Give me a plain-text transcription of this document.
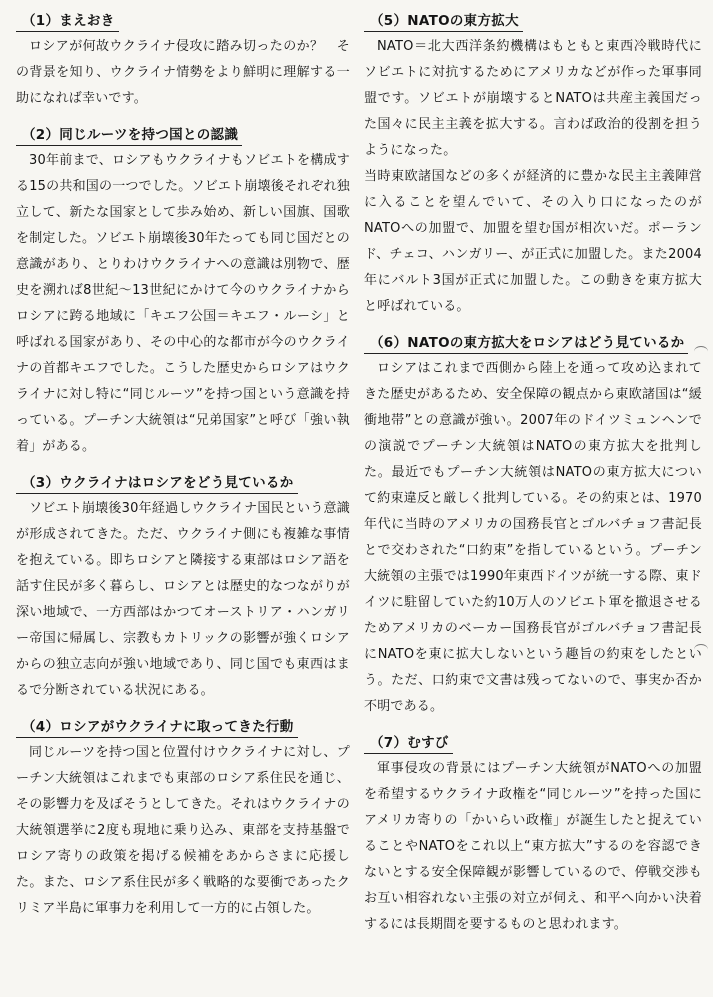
（1）まえおき

ロシアが何故ウクライナ侵攻に踏み切ったのか？　その背景を知り、ウクライナ情勢をより鮮明に理解する一助になれば幸いです。

（2）同じルーツを持つ国との認識

30年前まで、ロシアもウクライナもソビエトを構成する15の共和国の一つでした。ソビエト崩壊後それぞれ独立して、新たな国家として歩み始め、新しい国旗、国歌を制定した。ソビエト崩壊後30年たっても同じ国だとの意識があり、とりわけウクライナへの意識は別物で、歴史を溯れば8世紀～13世紀にかけて今のウクライナからロシアに跨る地域に「キエフ公国＝キエフ・ルーシ」と呼ばれる国家があり、その中心的な都市が今のウクライナの首都キエフでした。こうした歴史からロシアはウクライナに対し特に“同じルーツ”を持つ国という意識を持っている。プーチン大統領は“兄弟国家”と呼び「強い執着」がある。

（3）ウクライナはロシアをどう見ているか

ソビエト崩壊後30年経過しウクライナ国民という意識が形成されてきた。ただ、ウクライナ側にも複雑な事情を抱えている。即ちロシアと隣接する東部はロシア語を話す住民が多く暮らし、ロシアとは歴史的なつながりが深い地域で、一方西部はかつてオーストリア・ハンガリー帝国に帰属し、宗教もカトリックの影響が強くロシアからの独立志向が強い地域であり、同じ国でも東西はまるで分断されている状況にある。

（4）ロシアがウクライナに取ってきた行動

同じルーツを持つ国と位置付けウクライナに対し、プーチン大統領はこれまでも東部のロシア系住民を通じ、その影響力を及ぼそうとしてきた。それはウクライナの大統領選挙に2度も現地に乗り込み、東部を支持基盤でロシア寄りの政策を掲げる候補をあからさまに応援した。また、ロシア系住民が多く戦略的な要衝であったクリミア半島に軍事力を利用して一方的に占領した。

（5）NATOの東方拡大

NATO＝北大西洋条約機構はもともと東西冷戦時代にソビエトに対抗するためにアメリカなどが作った軍事同盟です。ソビエトが崩壊するとNATOは共産主義国だった国々に民主主義を拡大する。言わば政治的役割を担うようになった。

当時東欧諸国などの多くが経済的に豊かな民主主義陣営に入ることを望んでいて、その入り口になったのがNATOへの加盟で、加盟を望む国が相次いだ。ポーランド、チェコ、ハンガリー、が正式に加盟した。また2004年にバルト3国が正式に加盟した。この動きを東方拡大と呼ばれている。

（6）NATOの東方拡大をロシアはどう見ているか

ロシアはこれまで西側から陸上を通って攻め込まれてきた歴史があるため、安全保障の観点から東欧諸国は“緩衝地帯”との意識が強い。2007年のドイツミュンヘンでの演説でプーチン大統領はNATOの東方拡大を批判した。最近でもプーチン大統領はNATOの東方拡大について約束違反と厳しく批判している。その約束とは、1970年代に当時のアメリカの国務長官とゴルバチョフ書記長とで交わされた“口約束”を指しているという。プーチン大統領の主張では1990年東西ドイツが統一する際、東ドイツに駐留していた約10万人のソビエト軍を撤退させるためアメリカのベーカー国務長官がゴルバチョフ書記長にNATOを東に拡大しないという趣旨の約束をしたという。ただ、口約束で文書は残ってないので、事実か否か不明である。

（7）むすび

軍事侵攻の背景にはプーチン大統領がNATOへの加盟を希望するウクライナ政権を“同じルーツ”を持った国にアメリカ寄りの「かいらい政権」が誕生したと捉えていることやNATOをこれ以上“東方拡大”するのを容認できないとする安全保障観が影響しているので、停戦交渉もお互い相容れない主張の対立が伺え、和平へ向かい決着するには長期間を要するものと思われます。
